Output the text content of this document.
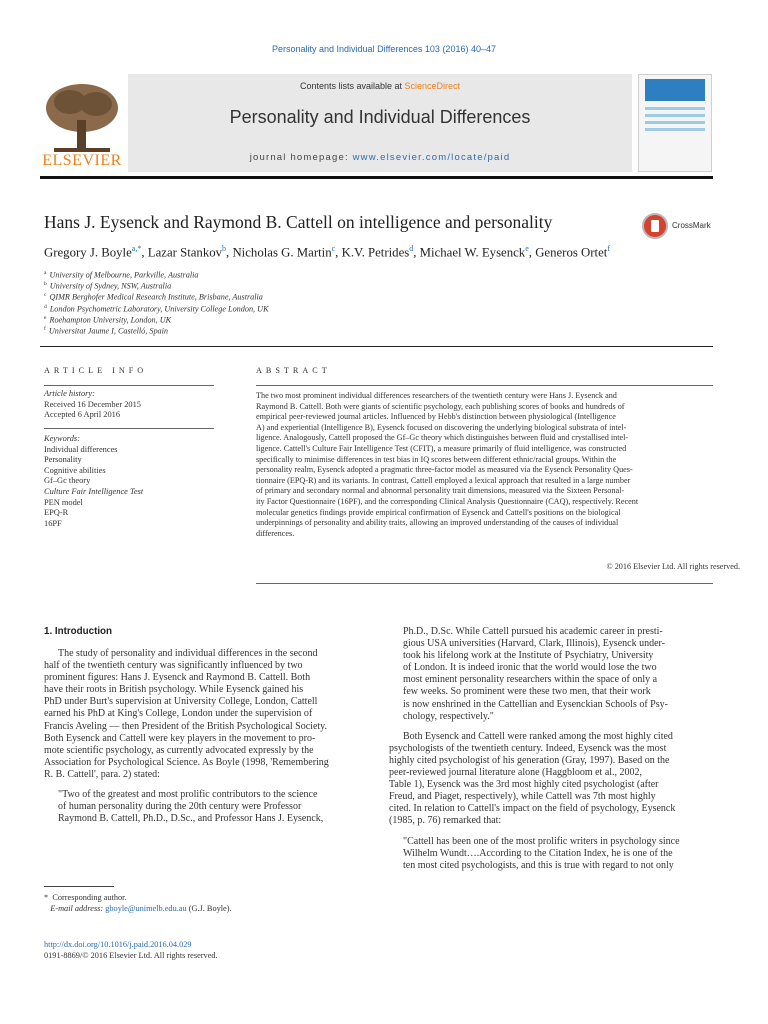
Personality and Individual Differences 103 (2016) 40–47
ELSEVIER
Contents lists available at ScienceDirect
Personality and Individual Differences
journal homepage: www.elsevier.com/locate/paid
Hans J. Eysenck and Raymond B. Cattell on intelligence and personality	CrossMark
Gregory J. Boyle$^{a,*}$, Lazar Stankov$^b$, Nicholas G. Martin$^c$, K.V. Petrides$^d$, Michael W. Eysenck$^e$, Generos Ortet$^f$
$^a$ University of Melbourne, Parkville, Australia
$^b$ University of Sydney, NSW, Australia
$^c$ QIMR Berghofer Medical Research Institute, Brisbane, Australia
$^d$ London Psychometric Laboratory, University College London, UK
$^e$ Roehampton University, London, UK
$^f$ Universitat Jaume I, Castelló, Spain
ARTICLE INFO	ABSTRACT
Article history:
Received 16 December 2015
Accepted 6 April 2016
Keywords:
Individual differences
Personality
Cognitive abilities
Gf–Gc theory
Culture Fair Intelligence Test
PEN model
EPQ-R
16PF
The two most prominent individual differences researchers of the twentieth century were Hans J. Eysenck and
Raymond B. Cattell. Both were giants of scientific psychology, each publishing scores of books and hundreds of
empirical peer-reviewed journal articles. Influenced by Hebb's distinction between physiological (Intelligence
A) and experiential (Intelligence B), Eysenck focused on discovering the underlying biological substrata of intel-
ligence. Analogously, Cattell proposed the Gf–Gc theory which distinguishes between fluid and crystallised intel-
ligence. Cattell's Culture Fair Intelligence Test (CFIT), a measure primarily of fluid intelligence, was constructed
specifically to minimise differences in test bias in IQ scores between different ethnic/racial groups. Within the
personality realm, Eysenck adopted a pragmatic three-factor model as measured via the Eysenck Personality Ques-
tionnaire (EPQ-R) and its variants. In contrast, Cattell employed a lexical approach that resulted in a large number
of primary and secondary normal and abnormal personality trait dimensions, measured via the Sixteen Personal-
ity Factor Questionnaire (16PF), and the corresponding Clinical Analysis Questionnaire (CAQ), respectively. Recent
molecular genetics findings provide empirical confirmation of Eysenck and Cattell's positions on the biological
underpinnings of personality and ability traits, allowing an improved understanding of the causes of individual
differences.
© 2016 Elsevier Ltd. All rights reserved.
1. Introduction
The study of personality and individual differences in the second
half of the twentieth century was significantly influenced by two
prominent figures: Hans J. Eysenck and Raymond B. Cattell. Both
have their roots in British psychology. While Eysenck gained his
PhD under Burt's supervision at University College, London, Cattell
earned his PhD at King's College, London under the supervision of
Francis Aveling — then President of the British Psychological Society.
Both Eysenck and Cattell were key players in the movement to pro-
mote scientific psychology, as currently advocated expressly by the
Association for Psychological Science. As Boyle (1998, 'Remembering
R. B. Cattell', para. 2) stated:
"Two of the greatest and most prolific contributors to the science
of human personality during the 20th century were Professor
Raymond B. Cattell, Ph.D., D.Sc., and Professor Hans J. Eysenck,
Ph.D., D.Sc. While Cattell pursued his academic career in presti-
gious USA universities (Harvard, Clark, Illinois), Eysenck under-
took his lifelong work at the Institute of Psychiatry, University
of London. It is indeed ironic that the world would lose the two
most eminent personality researchers within the space of only a
few weeks. So prominent were these two men, that their work
is now enshrined in the Cattellian and Eysenckian Schools of Psy-
chology, respectively."
Both Eysenck and Cattell were ranked among the most highly cited
psychologists of the twentieth century. Indeed, Eysenck was the most
highly cited psychologist of his generation (Gray, 1997). Based on the
peer-reviewed journal literature alone (Haggbloom et al., 2002,
Table 1), Eysenck was the 3rd most highly cited psychologist (after
Freud, and Piaget, respectively), while Cattell was 7th most highly
cited. In relation to Cattell's impact on the field of psychology, Eysenck
(1985, p. 76) remarked that:
"Cattell has been one of the most prolific writers in psychology since
Wilhelm Wundt….According to the Citation Index, he is one of the
ten most cited psychologists, and this is true with regard to not only
* Corresponding author.
E-mail address: gboyle@unimelb.edu.au (G.J. Boyle).
http://dx.doi.org/10.1016/j.paid.2016.04.029
0191-8869/© 2016 Elsevier Ltd. All rights reserved.
